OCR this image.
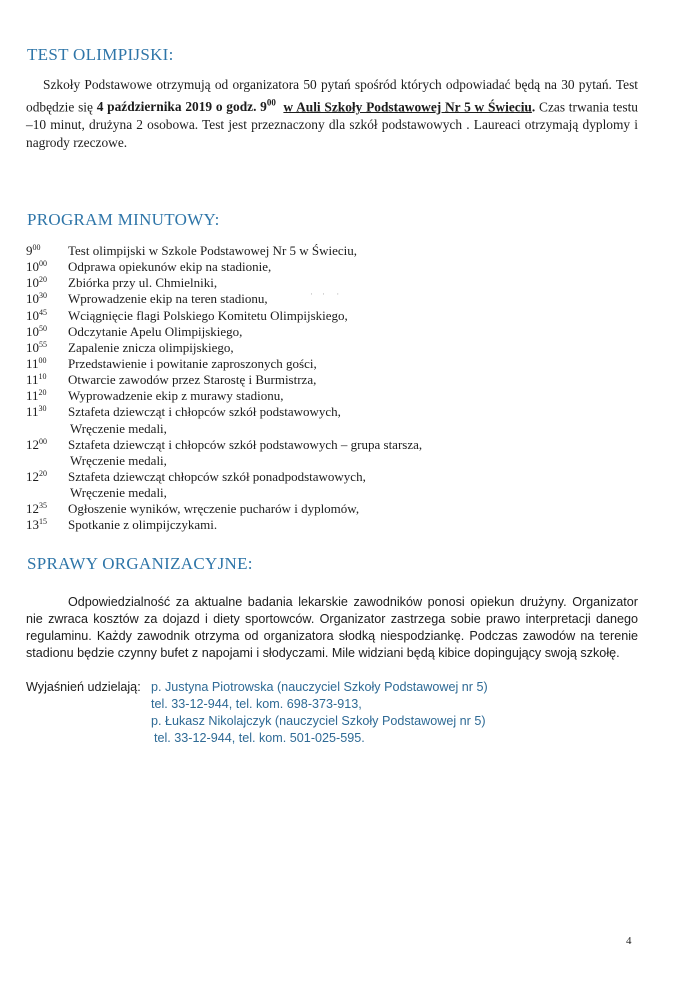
TEST OLIMPIJSKI:

Szkoły Podstawowe otrzymują od organizatora 50 pytań spośród których odpowiadać będą na 30 pytań. Test odbędzie się 4 października 2019 o godz. $9^{00}$ w Auli Szkoły Podstawowej Nr 5 w Świeciu. Czas trwania testu –10 minut, drużyna 2 osobowa. Test jest przeznaczony dla szkół podstawowych . Laureaci otrzymają dyplomy i nagrody rzeczowe.

PROGRAM MINUTOWY:
·    ·     ·
$9^{00}$	Test olimpijski w Szkole Podstawowej Nr 5 w Świeciu,
$10^{00}$	Odprawa opiekunów ekip na stadionie,
$10^{20}$	Zbiórka przy ul. Chmielniki,
$10^{30}$	Wprowadzenie ekip na teren stadionu,
$10^{45}$	Wciągnięcie flagi Polskiego Komitetu Olimpijskiego,
$10^{50}$	Odczytanie Apelu Olimpijskiego,
$10^{55}$	Zapalenie znicza olimpijskiego,
$11^{00}$	Przedstawienie i powitanie zaproszonych gości,
$11^{10}$	Otwarcie zawodów przez Starostę i Burmistrza,
$11^{20}$	Wyprowadzenie ekip z murawy stadionu,
$11^{30}$	Sztafeta dziewcząt i chłopców szkół podstawowych,
Wręczenie medali,
$12^{00}$	Sztafeta dziewcząt i chłopców szkół podstawowych – grupa starsza,
Wręczenie medali,
$12^{20}$	Sztafeta dziewcząt chłopców szkół ponadpodstawowych,
Wręczenie medali,
$12^{35}$	Ogłoszenie wyników, wręczenie pucharów i dyplomów,
$13^{15}$	Spotkanie z olimpijczykami.
SPRAWY ORGANIZACYJNE:

Odpowiedzialność za aktualne badania lekarskie zawodników ponosi opiekun drużyny. Organizator nie zwraca kosztów za dojazd i diety sportowców. Organizator zastrzega sobie prawo interpretacji danego regulaminu. Każdy zawodnik otrzyma od organizatora słodką niespodziankę. Podczas zawodów na terenie stadionu będzie czynny bufet z napojami i słodyczami. Mile widziani będą kibice dopingujący swoją szkołę.

Wyjaśnień udzielają: p. Justyna Piotrowska (nauczyciel Szkoły Podstawowej nr 5)
tel. 33-12-944, tel. kom. 698-373-913,
p. Łukasz Nikolajczyk (nauczyciel Szkoły Podstawowej nr 5)
tel. 33-12-944, tel. kom. 501-025-595.
4
